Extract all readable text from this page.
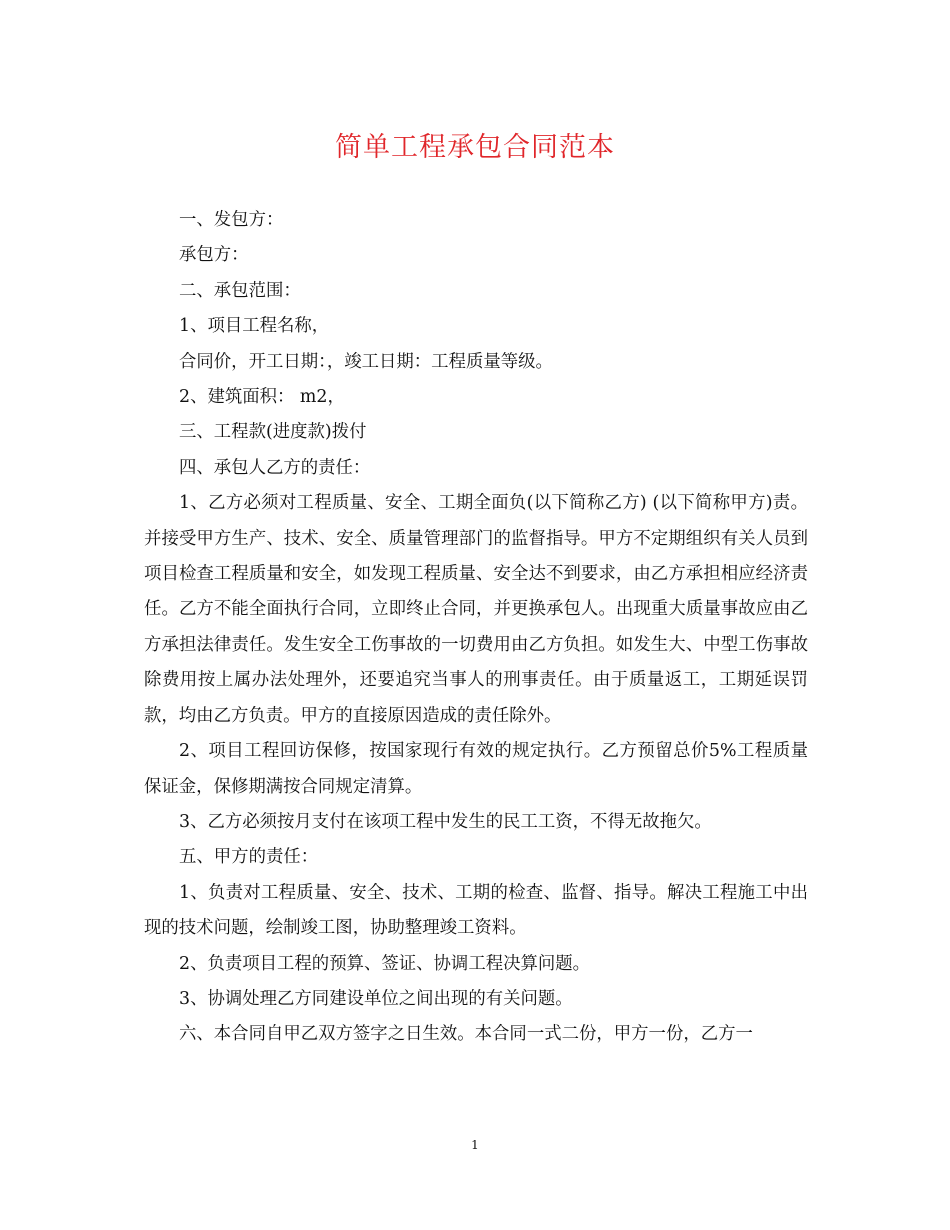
简单工程承包合同范本

一、发包方：

承包方：

二、承包范围：

1、项目工程名称，

合同价，开工日期：，竣工日期：工程质量等级。

2、建筑面积： m2，

三、工程款(进度款)拨付

四、承包人乙方的责任：

1、乙方必须对工程质量、安全、工期全面负(以下简称乙方) (以下简称甲方)责。并接受甲方生产、技术、安全、质量管理部门的监督指导。甲方不定期组织有关人员到项目检查工程质量和安全，如发现工程质量、安全达不到要求，由乙方承担相应经济责任。乙方不能全面执行合同，立即终止合同，并更换承包人。出现重大质量事故应由乙方承担法律责任。发生安全工伤事故的一切费用由乙方负担。如发生大、中型工伤事故除费用按上属办法处理外，还要追究当事人的刑事责任。由于质量返工，工期延误罚款，均由乙方负责。甲方的直接原因造成的责任除外。

2、项目工程回访保修，按国家现行有效的规定执行。乙方预留总价5%工程质量保证金，保修期满按合同规定清算。

3、乙方必须按月支付在该项工程中发生的民工工资，不得无故拖欠。

五、甲方的责任：

1、负责对工程质量、安全、技术、工期的检查、监督、指导。解决工程施工中出现的技术问题，绘制竣工图，协助整理竣工资料。

2、负责项目工程的预算、签证、协调工程决算问题。

3、协调处理乙方同建设单位之间出现的有关问题。

六、本合同自甲乙双方签字之日生效。本合同一式二份，甲方一份，乙方一

1
